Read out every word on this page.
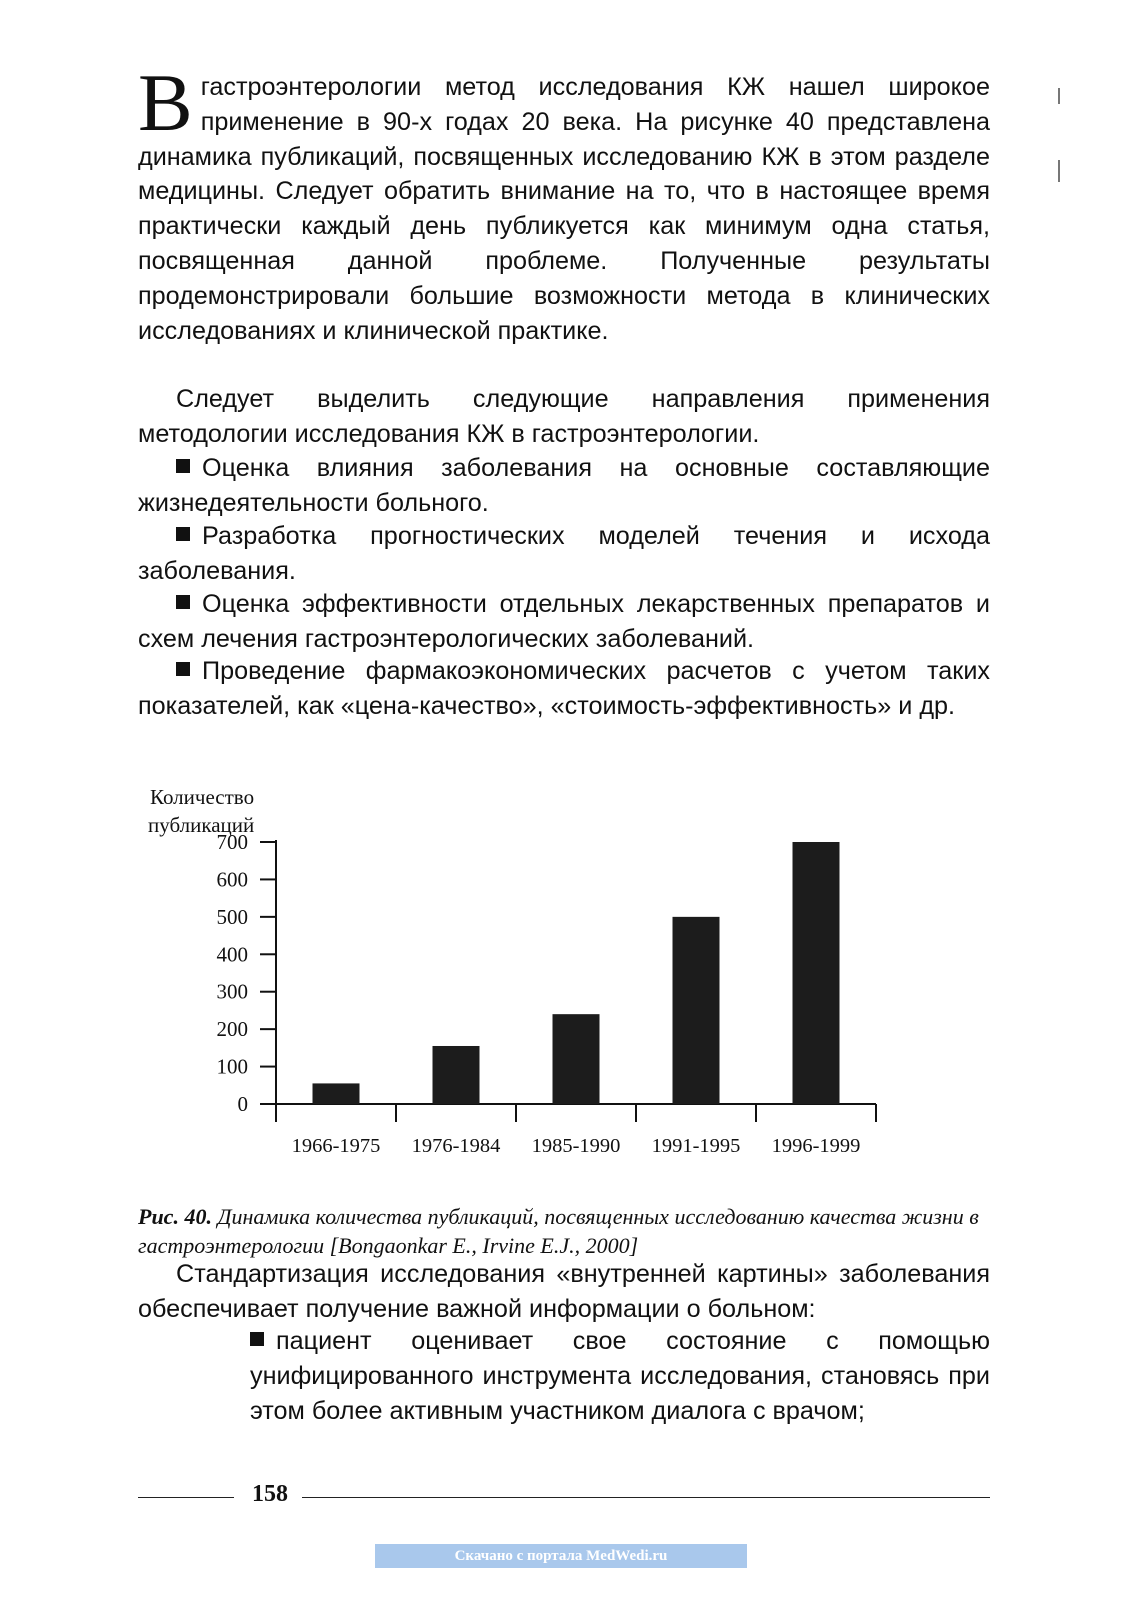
Вгастроэнтерологии метод исследования КЖ нашел широкое применение в 90-х годах 20 века. На рисунке 40 представлена динамика публикаций, посвященных исследованию КЖ в этом разделе медицины. Следует обратить внимание на то, что в настоящее время практически каждый день публикуется как минимум одна статья, посвященная данной проблеме. Полученные результаты продемонстрировали большие возможности метода в клинических исследованиях и клинической практике.

Следует выделить следующие направления применения методологии исследования КЖ в гастроэнтерологии.

Оценка влияния заболевания на основные составляющие жизнедеятельности больного.

Разработка прогностических моделей течения и исхода заболевания.

Оценка эффективности отдельных лекарственных препаратов и схем лечения гастроэнтерологических заболеваний.

Проведение фармакоэкономических расчетов с учетом таких показателей, как «цена-качество», «стоимость-эффективность» и др.

Количество
публикаций
0
100
200
300
400
500
600
700
1966-1975 1976-1984 1985-1990 1991-1995 1996-1999

Рис. 40. Динамика количества публикаций, посвященных исследованию качества жизни в гастроэнтерологии [Bongaonkar E., Irvine E.J., 2000]

Стандартизация исследования «внутренней картины» заболевания обеспечивает получение важной информации о больном:

пациент оценивает свое состояние с помощью унифицированного инструмента исследования, становясь при этом более активным участником диалога с врачом;

158
Скачано с портала MedWedi.ru
